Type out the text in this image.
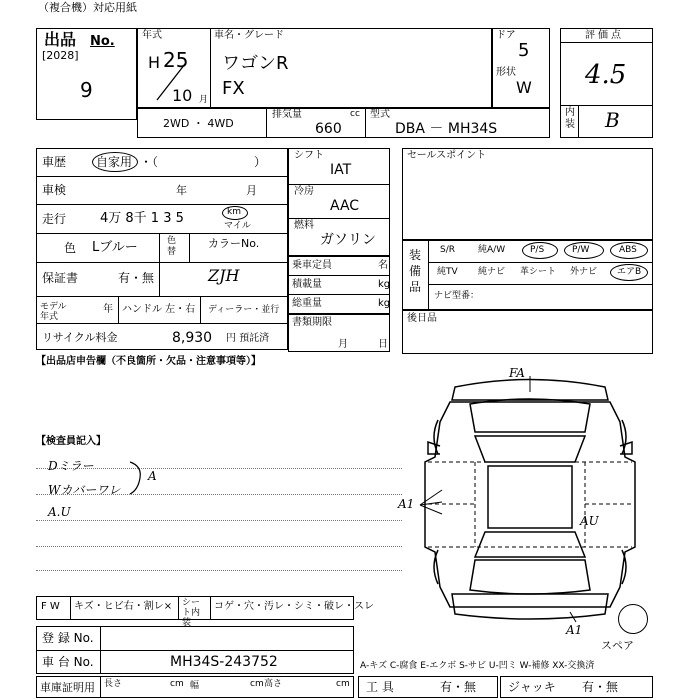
（複合機）対応用紙
出品 No.
[2028]
9
年式
H 25
10 月
車名・グレード
ワゴンR
FX
ドア
5
形状
W
評価点
4.5
内装 B
2WD ・ 4WD
排気量	cc
660
型式
DBA － MH34S
車歴 自家用 ・（　　　　　　　　）
車検	年	月
走行	4万 8千 1 3 5	km
マイル
色 Lブルー	色替
カラーNo.
保証書	有・無	ZJH
モデル 年式
年 ハンドル 左・右 ディーラー・並行
リサイクル料金	8,930 円 預託済
シフト
IAT
冷房
AAC
燃料
ガソリン
乗車定員	名
積載量	kg
総重量	kg
書類期限
月	日
セールスポイント
装備品
S/R	純A/W	P/S	P/W	ABS
純TV 純ナビ 革シート 外ナビ エアB
ナビ型番：
後日品
【出品店申告欄（不良箇所・欠品・注意事項等）】
【検査員記入】
Dミラー
Wカバーワレ
A.U
A
FA
A1
AU
A1
スペア
F W キズ・ヒビ右・割レ× シート内装
コゲ・穴・汚レ・シミ・破レ・スレ
登 録 No.
車 台 No.	MH34S-243752
車庫証明用 長さ	cm 幅	cm 高さ	cm
A-キズ C-腐食 E-エクボ S-サビ U-凹ミ W-補修 XX-交換済
工 具	有・無	ジャッキ 有・無
